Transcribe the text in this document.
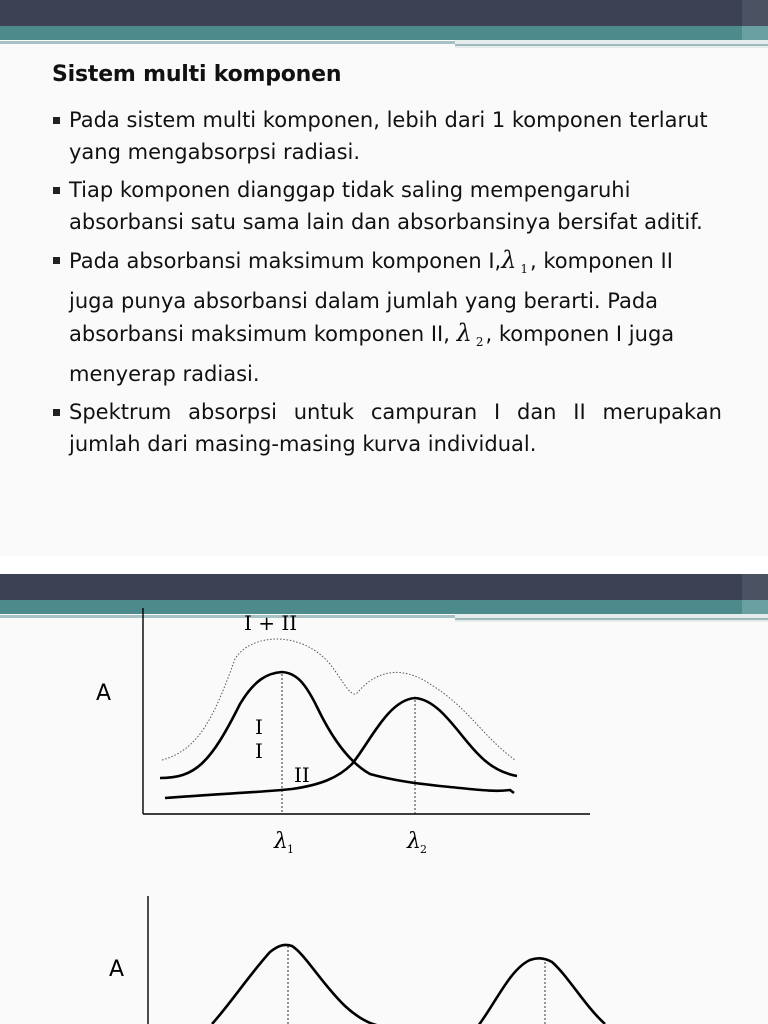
Sistem multi komponen
Pada sistem multi komponen, lebih dari 1 komponen terlarut yang mengabsorpsi radiasi.
Tiap komponen dianggap tidak saling mempengaruhi absorbansi satu sama lain dan absorbansinya bersifat aditif.
Pada absorbansi maksimum komponen I,λ $_1$, komponen II juga punya absorbansi dalam jumlah yang berarti. Pada absorbansi maksimum komponen II, λ $_2$, komponen I juga menyerap radiasi.
Spektrum absorpsi untuk campuran I dan II merupakan jumlah dari masing-masing kurva individual.
A
I + II
I
I
II
λ 1	λ 2
A
